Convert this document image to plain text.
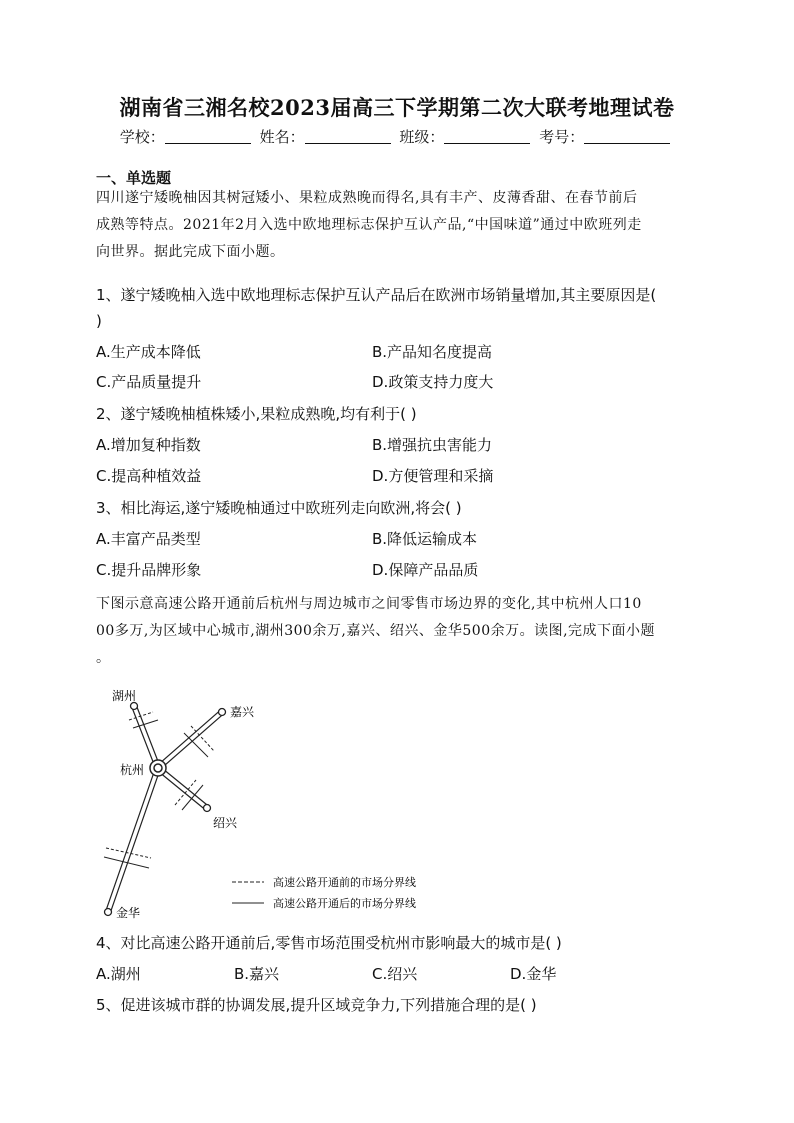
湖南省三湘名校2023届高三下学期第二次大联考地理试卷
学校：	姓名：	班级：	考号：
一、单选题
四川遂宁矮晚柚因其树冠矮小、果粒成熟晚而得名,具有丰产、皮薄香甜、在春节前后
成熟等特点。2021年2月入选中欧地理标志保护互认产品,“中国味道”通过中欧班列走
向世界。据此完成下面小题。
1、遂宁矮晚柚入选中欧地理标志保护互认产品后在欧洲市场销量增加,其主要原因是(
)
A.生产成本降低	B.产品知名度提高
C.产品质量提升	D.政策支持力度大
2、遂宁矮晚柚植株矮小,果粒成熟晚,均有利于( )
A.增加复种指数	B.增强抗虫害能力
C.提高种植效益	D.方便管理和采摘
3、相比海运,遂宁矮晚柚通过中欧班列走向欧洲,将会( )
A.丰富产品类型	B.降低运输成本
C.提升品牌形象	D.保障产品品质
下图示意高速公路开通前后杭州与周边城市之间零售市场边界的变化,其中杭州人口10
00多万,为区域中心城市,湖州300余万,嘉兴、绍兴、金华500余万。读图,完成下面小题
。
湖州
嘉兴
杭州
绍兴
金华
高速公路开通前的市场分界线
高速公路开通后的市场分界线
4、对比高速公路开通前后,零售市场范围受杭州市影响最大的城市是( )
A.湖州	B.嘉兴	C.绍兴	D.金华
5、促进该城市群的协调发展,提升区域竞争力,下列措施合理的是( )
